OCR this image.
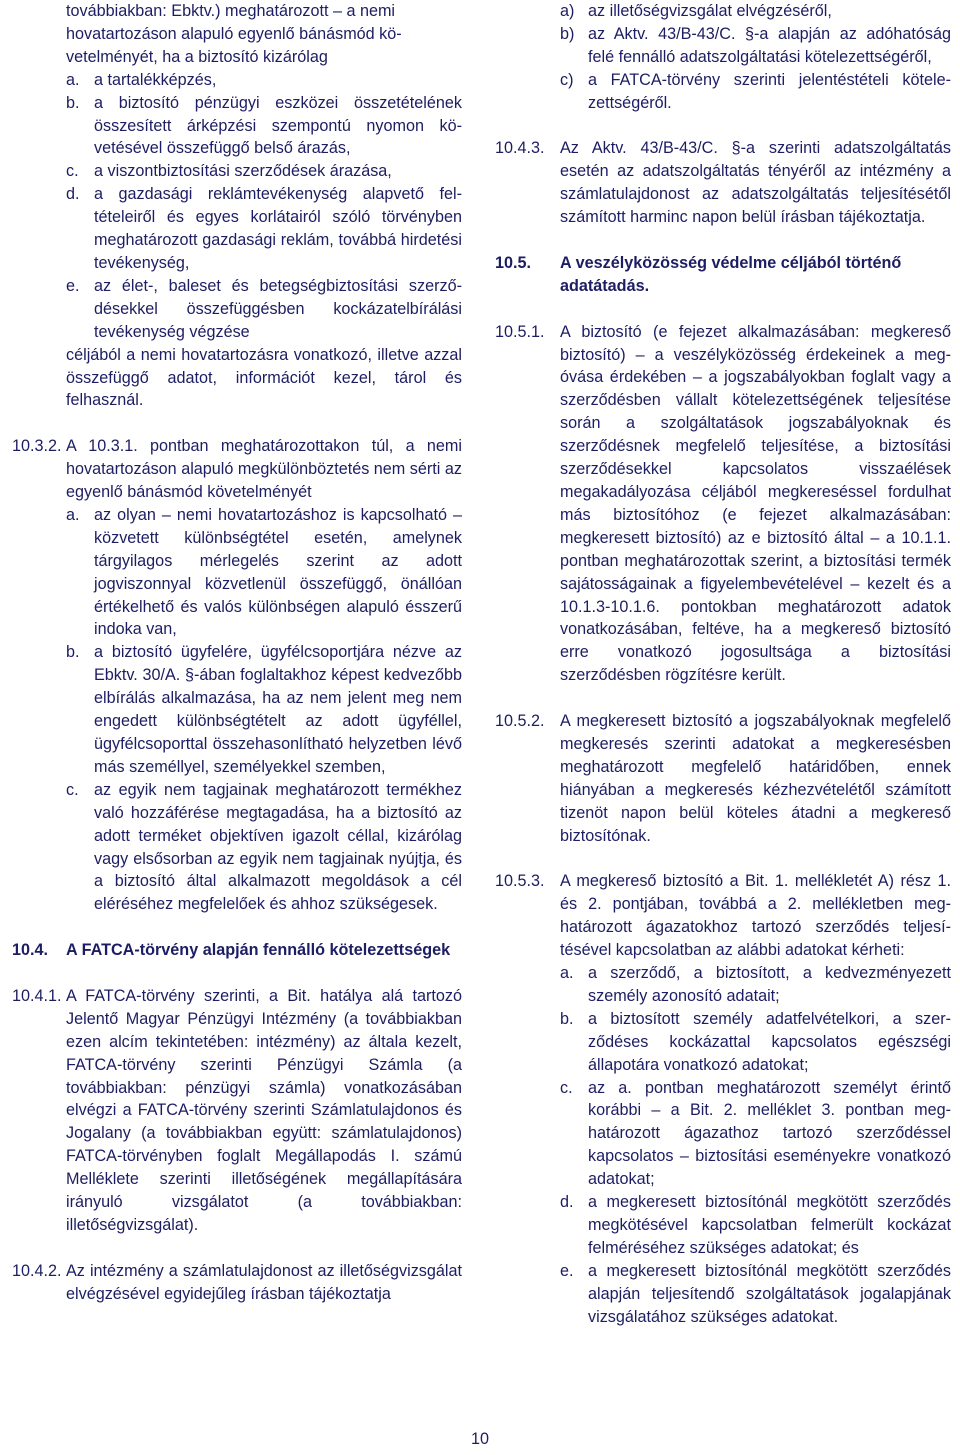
továbbiakban: Ebktv.) meghatározott – a nemi

hovatartozáson alapuló egyenlő bánásmód kö-

vetelményét, ha a biztosító kizárólag

a. a tartalékképzés,
b. a biztosító pénzügyi eszközei összetételének összesített árképzési szempontú nyomon követésével összefüggő belső árazás,
c. a viszontbiztosítási szerződések árazása,
d. a gazdasági reklámtevékenység alapvető feltételeiről és egyes korlátairól szóló törvényben meghatározott gazdasági reklám, továbbá hirdetési tevékenység,
e. az élet-, baleset és betegségbiztosítási szerződésekkel összefüggésben kockázatelbírálási tevékenység végzése

céljából a nemi hovatartozásra vonatkozó, illetve azzal összefüggő adatot, információt kezel, tárol és felhasznál.

10.3.2. A 10.3.1. pontban meghatározottakon túl, a nemi hovatartozáson alapuló megkülönböztetés nem sérti az egyenlő bánásmód követelményét
a. az olyan – nemi hovatartozáshoz is kapcsolható – közvetett különbségtétel esetén, amelynek tárgyilagos mérlegelés szerint az adott jogviszonnyal közvetlenül összefüggő, önállóan értékelhető és valós különbségen alapuló ésszerű indoka van,
b. a biztosító ügyfelére, ügyfélcsoportjára nézve az Ebktv. 30/A. §-ában foglaltakhoz képest kedvezőbb elbírálás alkalmazása, ha az nem jelent meg nem engedett különbségtételt az adott ügyféllel, ügyfélcsoporttal összehasonlítható helyzetben lévő más személlyel, személyekkel szemben,
c. az egyik nem tagjainak meghatározott termékhez való hozzáférése megtagadása, ha a biztosító az adott terméket objektíven igazolt céllal, kizárólag vagy elsősorban az egyik nem tagjainak nyújtja, és a biztosító által alkalmazott megoldások a cél eléréséhez megfelelőek és ahhoz szükségesek.
10.4.	A FATCA-törvény alapján fennálló kötelezettségek
10.4.1. A FATCA-törvény szerinti, a Bit. hatálya alá tartozó Jelentő Magyar Pénzügyi Intézmény (a továbbiakban ezen alcím tekintetében: intézmény) az általa kezelt, FATCA-törvény szerinti Pénzügyi Számla (a továbbiakban: pénzügyi számla) vonatkozásában elvégzi a FATCA-törvény szerinti Számlatulajdonos és Jogalany (a továbbiakban együtt: számlatulajdonos) FATCA-törvényben foglalt Megállapodás I. számú Melléklete szerinti illetőségének megállapítására irányuló vizsgálatot (a továbbiakban: illetőségvizsgálat).
10.4.2. Az intézmény a számlatulajdonost az illetőségvizsgálat elvégzésével egyidejűleg írásban tájékoztatja
a) az illetőségvizsgálat elvégzéséről,
b) az Aktv. 43/B-43/C. §-a alapján az adóhatóság felé fennálló adatszolgáltatási kötelezettségéről,
c) a FATCA-törvény szerinti jelentéstételi kötelezettségéről.
10.4.3. Az Aktv. 43/B-43/C. §-a szerinti adatszolgáltatás esetén az adatszolgáltatás tényéről az intézmény a számlatulajdonost az adatszolgáltatás teljesítésétől számított harminc napon belül írásban tájékoztatja.
10.5.	A veszélyközösség védelme céljából történő adatátadás.
10.5.1. A biztosító (e fejezet alkalmazásában: megkereső biztosító) – a veszélyközösség érdekeinek a megóvása érdekében – a jogszabályokban foglalt vagy a szerződésben vállalt kötelezettségének teljesítése során a szolgáltatások jogszabályoknak és szerződésnek megfelelő teljesítése, a biztosítási szerződésekkel kapcsolatos visszaélések megakadályozása céljából megkereséssel fordulhat más biztosítóhoz (e fejezet alkalmazásában: megkeresett biztosító) az e biztosító által – a 10.1.1. pontban meghatározottak szerint, a biztosítási termék sajátosságainak a figyelembevételével – kezelt és a 10.1.3-10.1.6. pontokban meghatározott adatok vonatkozásában, feltéve, ha a megkereső biztosító erre vonatkozó jogosultsága a biztosítási szerződésben rögzítésre került.
10.5.2. A megkeresett biztosító a jogszabályoknak megfelelő megkeresés szerinti adatokat a megkeresésben meghatározott megfelelő határidőben, ennek hiányában a megkeresés kézhezvételétől számított tizenöt napon belül köteles átadni a megkereső biztosítónak.
10.5.3. A megkereső biztosító a Bit. 1. mellékletét A) rész 1. és 2. pontjában, továbbá a 2. mellékletben meghatározott ágazatokhoz tartozó szerződés teljesítésével kapcsolatban az alábbi adatokat kérheti:
a. a szerződő, a biztosított, a kedvezményezett személy azonosító adatait;
b. a biztosított személy adatfelvételkori, a szerződéses kockázattal kapcsolatos egészségi állapotára vonatkozó adatokat;
c. az a. pontban meghatározott személyt érintő korábbi – a Bit. 2. melléklet 3. pontban meghatározott ágazathoz tartozó szerződéssel kapcsolatos – biztosítási eseményekre vonatkozó adatokat;
d. a megkeresett biztosítónál megkötött szerződés megkötésével kapcsolatban felmerült kockázat felméréséhez szükséges adatokat; és
e. a megkeresett biztosítónál megkötött szerződés alapján teljesítendő szolgáltatások jogalapjának vizsgálatához szükséges adatokat.
10
